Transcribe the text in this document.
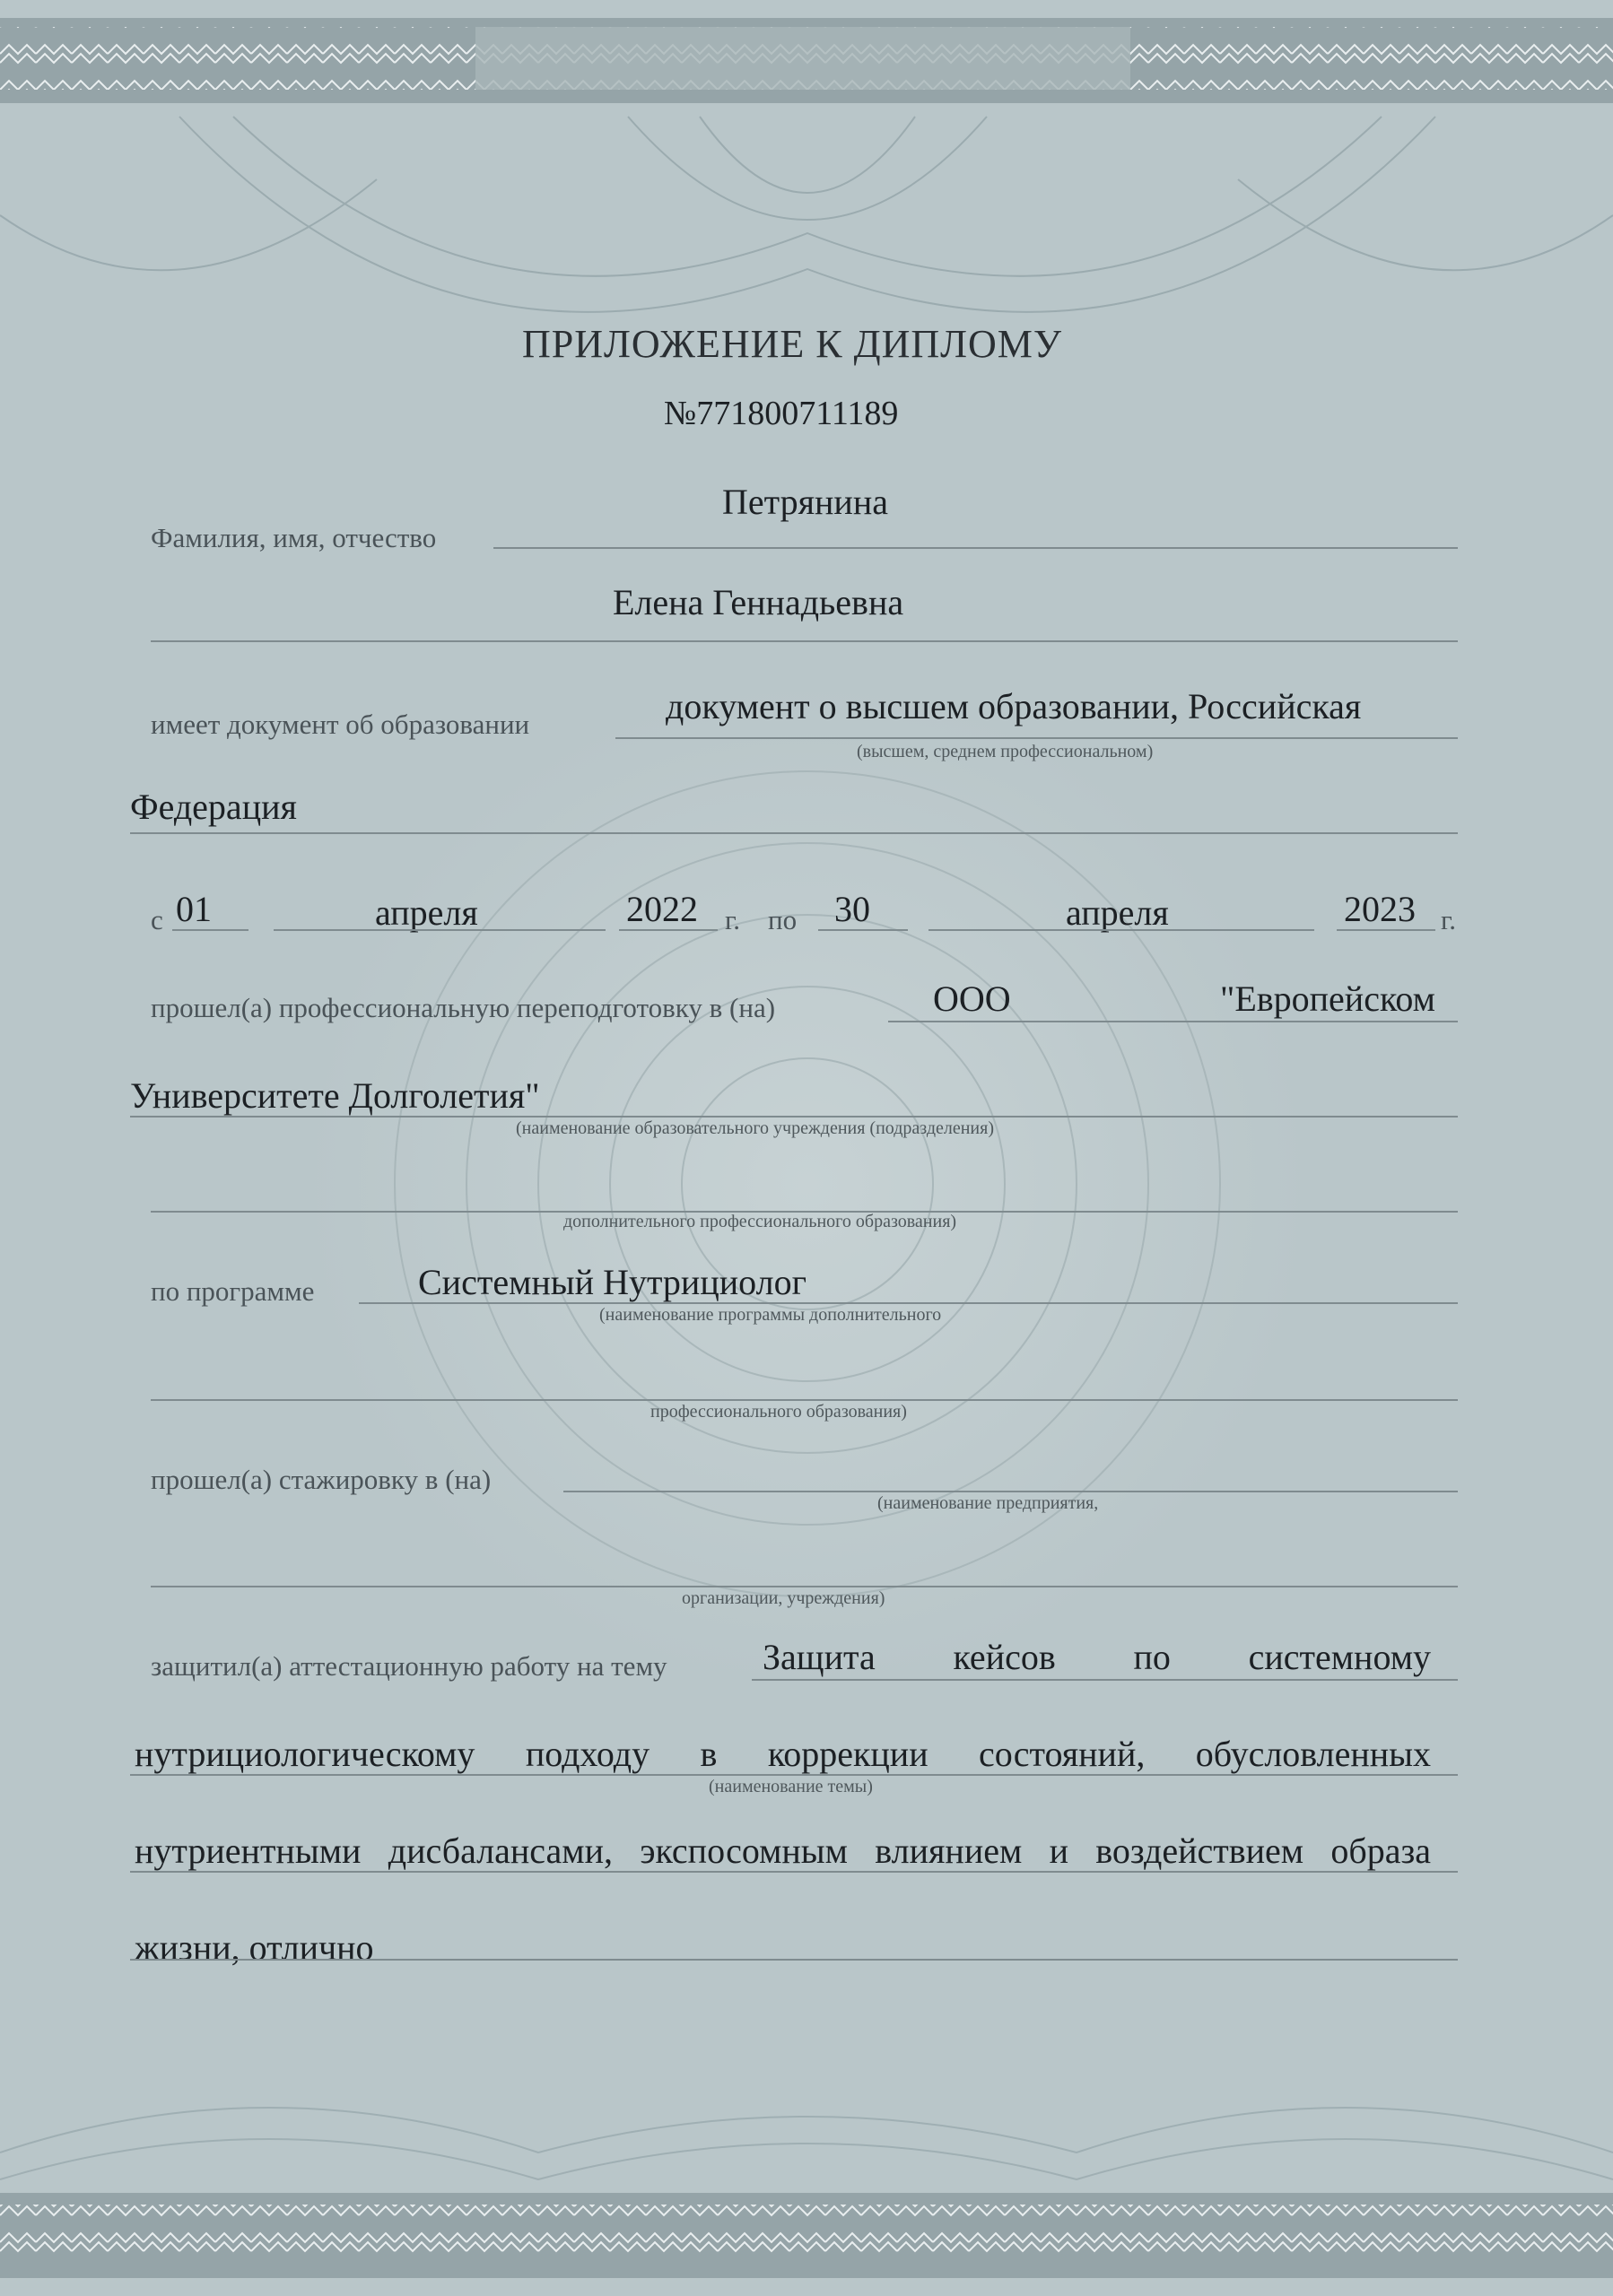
ПРИЛОЖЕНИЕ К ДИПЛОМУ
№771800711189
Петрянина
Фамилия, имя, отчество
Елена Геннадьевна
имеет документ об образовании	документ о высшем образовании, Российская
(высшем, среднем профессиональном)
Федерация
с 01	апреля	2022 г. по 30	апреля	2023 г.
прошел(а) профессиональную переподготовку в (на)	ООО	"Европейском
Университете Долголетия"
(наименование образовательного учреждения (подразделения)
дополнительного профессионального образования)
по программе	Системный Нутрициолог
(наименование программы дополнительного
профессионального образования)
прошел(а) стажировку в (на)
(наименование предприятия,
организации, учреждения)
защитил(а) аттестационную работу на тему	Защита кейсов по системному
нутрициологическому подходу в коррекции состояний, обусловленных
(наименование темы)
нутриентными дисбалансами, экспосомным влиянием и воздействием образа
жизни, отлично
